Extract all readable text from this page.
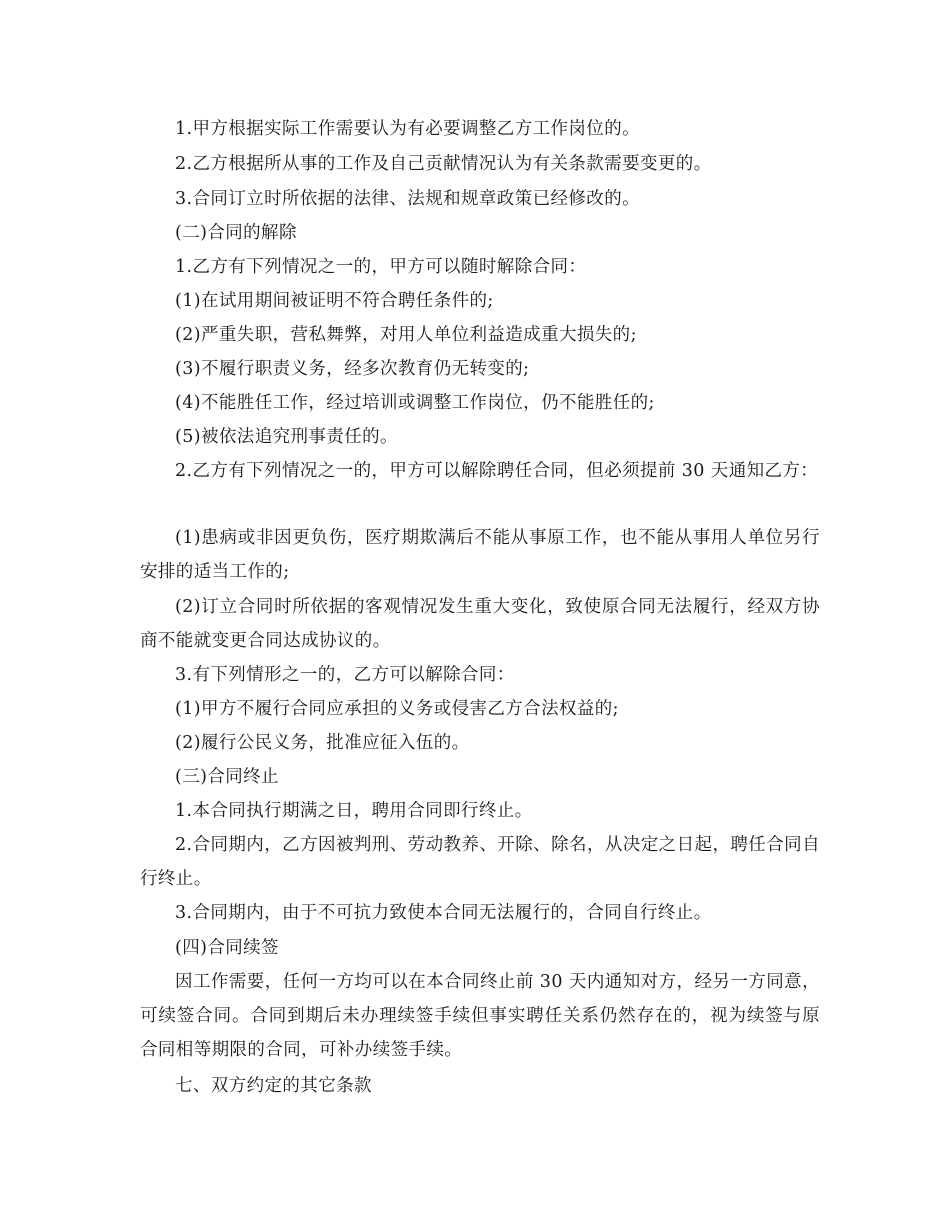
1.甲方根据实际工作需要认为有必要调整乙方工作岗位的。

2.乙方根据所从事的工作及自己贡献情况认为有关条款需要变更的。

3.合同订立时所依据的法律、法规和规章政策已经修改的。

(二)合同的解除

1.乙方有下列情况之一的，甲方可以随时解除合同：

(1)在试用期间被证明不符合聘任条件的;

(2)严重失职，营私舞弊，对用人单位利益造成重大损失的;

(3)不履行职责义务，经多次教育仍无转变的;

(4)不能胜任工作，经过培训或调整工作岗位，仍不能胜任的;

(5)被依法追究刑事责任的。

2.乙方有下列情况之一的，甲方可以解除聘任合同，但必须提前 30 天通知乙方：

(1)患病或非因更负伤，医疗期欺满后不能从事原工作，也不能从事用人单位另行安排的适当工作的;

(2)订立合同时所依据的客观情况发生重大变化，致使原合同无法履行，经双方协商不能就变更合同达成协议的。

3.有下列情形之一的，乙方可以解除合同：

(1)甲方不履行合同应承担的义务或侵害乙方合法权益的;

(2)履行公民义务，批准应征入伍的。

(三)合同终止

1.本合同执行期满之日，聘用合同即行终止。

2.合同期内，乙方因被判刑、劳动教养、开除、除名，从决定之日起，聘任合同自行终止。

3.合同期内，由于不可抗力致使本合同无法履行的，合同自行终止。

(四)合同续签

因工作需要，任何一方均可以在本合同终止前 30 天内通知对方，经另一方同意，可续签合同。合同到期后未办理续签手续但事实聘任关系仍然存在的，视为续签与原合同相等期限的合同，可补办续签手续。

七、双方约定的其它条款
